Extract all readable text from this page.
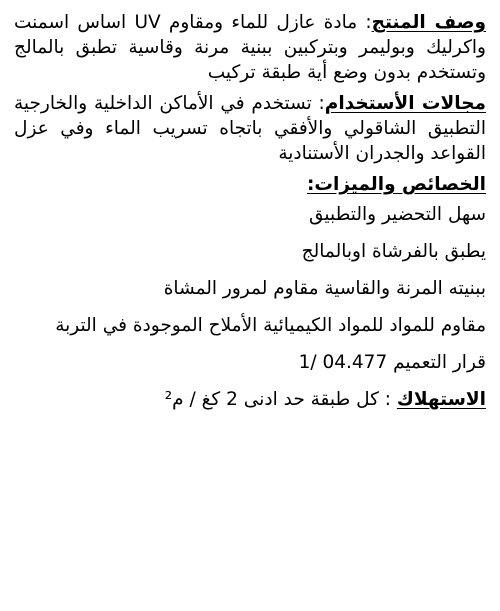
وصف المنتج: مادة عازل للماء ومقاوم UV اساس اسمنت واكرليك وبوليمر وبتركبين ببنية مرنة وقاسية تطبق بالمالج وتستخدم بدون وضع أية طبقة تركيب

مجالات الأستخدام: تستخدم في الأماكن الداخلية والخارجية التطبيق الشاقولي والأفقي باتجاه تسريب الماء وفي عزل القواعد والجدران الأستنادية

الخصائص والميزات:

سهل التحضير والتطبيق

يطبق بالفرشاة اوبالمالج

ببنيته المرنة والقاسية مقاوم لمرور المشاة

مقاوم للمواد للمواد الكيميائية الأملاح الموجودة في التربة

قرار التعميم 1/ 04.477

الاستهلاك : كل طبقة حد ادنى 2 كغ / م²
